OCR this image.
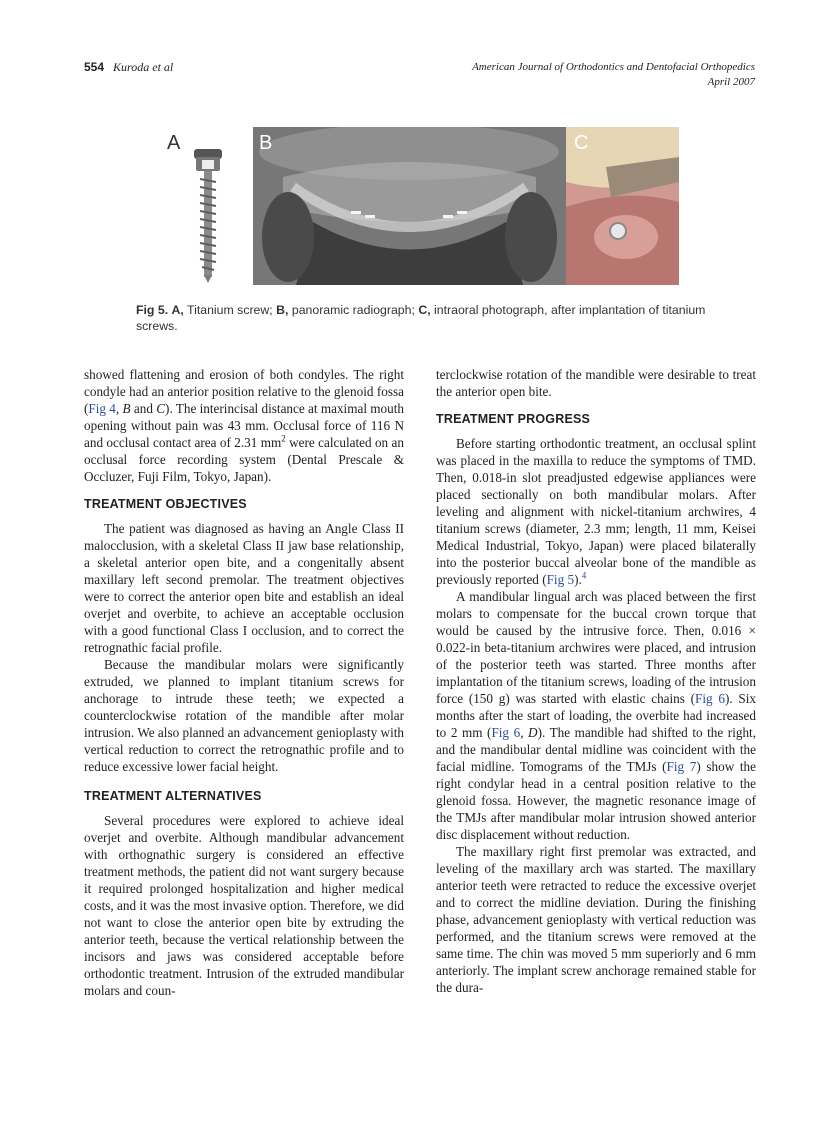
554 Kuroda et al	American Journal of Orthodontics and Dentofacial Orthopedics
April 2007
A	B	C
Fig 5. A, Titanium screw; B, panoramic radiograph; C, intraoral photograph, after implantation of titanium screws.

showed flattening and erosion of both condyles. The right condyle had an anterior position relative to the glenoid fossa (Fig 4, B and C). The interincisal distance at maximal mouth opening without pain was 43 mm. Occlusal force of 116 N and occlusal contact area of 2.31 $mm^2$ were calculated on an occlusal force recording system (Dental Prescale & Occluzer, Fuji Film, Tokyo, Japan).

TREATMENT OBJECTIVES

The patient was diagnosed as having an Angle Class II malocclusion, with a skeletal Class II jaw base relationship, a skeletal anterior open bite, and a congenitally absent maxillary left second premolar. The treatment objectives were to correct the anterior open bite and establish an ideal overjet and overbite, to achieve an acceptable occlusion with a good functional Class I occlusion, and to correct the retrognathic facial profile.

Because the mandibular molars were significantly extruded, we planned to implant titanium screws for anchorage to intrude these teeth; we expected a counterclockwise rotation of the mandible after molar intrusion. We also planned an advancement genioplasty with vertical reduction to correct the retrognathic profile and to reduce excessive lower facial height.

TREATMENT ALTERNATIVES

Several procedures were explored to achieve ideal overjet and overbite. Although mandibular advancement with orthognathic surgery is considered an effective treatment methods, the patient did not want surgery because it required prolonged hospitalization and higher medical costs, and it was the most invasive option. Therefore, we did not want to close the anterior open bite by extruding the anterior teeth, because the vertical relationship between the incisors and jaws was considered acceptable before orthodontic treatment. Intrusion of the extruded mandibular molars and coun-

terclockwise rotation of the mandible were desirable to treat the anterior open bite.

TREATMENT PROGRESS

Before starting orthodontic treatment, an occlusal splint was placed in the maxilla to reduce the symptoms of TMD. Then, 0.018-in slot preadjusted edgewise appliances were placed sectionally on both mandibular molars. After leveling and alignment with nickel-titanium archwires, 4 titanium screws (diameter, 2.3 mm; length, 11 mm, Keisei Medical Industrial, Tokyo, Japan) were placed bilaterally into the posterior buccal alveolar bone of the mandible as previously reported (Fig 5).$^4$

A mandibular lingual arch was placed between the first molars to compensate for the buccal crown torque that would be caused by the intrusive force. Then, 0.016 × 0.022-in beta-titanium archwires were placed, and intrusion of the posterior teeth was started. Three months after implantation of the titanium screws, loading of the intrusion force (150 g) was started with elastic chains (Fig 6). Six months after the start of loading, the overbite had increased to 2 mm (Fig 6, D). The mandible had shifted to the right, and the mandibular dental midline was coincident with the facial midline. Tomograms of the TMJs (Fig 7) show the right condylar head in a central position relative to the glenoid fossa. However, the magnetic resonance image of the TMJs after mandibular molar intrusion showed anterior disc displacement without reduction.

The maxillary right first premolar was extracted, and leveling of the maxillary arch was started. The maxillary anterior teeth were retracted to reduce the excessive overjet and to correct the midline deviation. During the finishing phase, advancement genioplasty with vertical reduction was performed, and the titanium screws were removed at the same time. The chin was moved 5 mm superiorly and 6 mm anteriorly. The implant screw anchorage remained stable for the dura-
